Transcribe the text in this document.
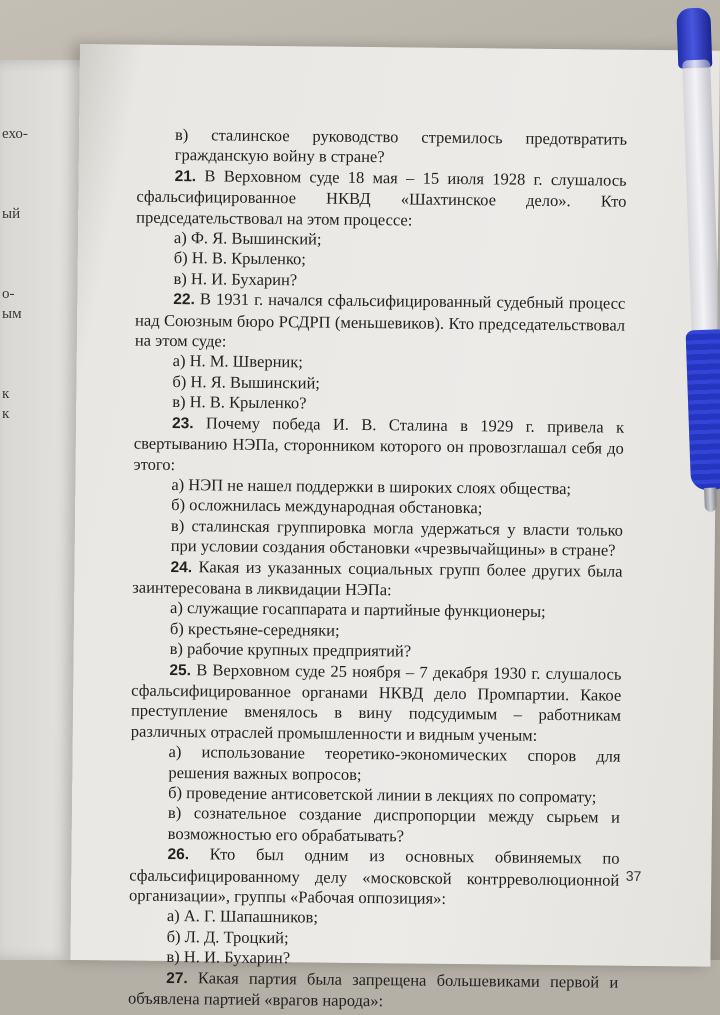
ехо-
ый
о-
ым
к
к

в) сталинское руководство стремилось предотвратить гражданскую войну в стране?

21. В Верховном суде 18 мая – 15 июля 1928 г. слушалось сфальсифицированное НКВД «Шахтинское дело». Кто председательствовал на этом процессе:

а) Ф. Я. Вышинский;

б) Н. В. Крыленко;

в) Н. И. Бухарин?

22. В 1931 г. начался сфальсифицированный судебный процесс над Союзным бюро РСДРП (меньшевиков). Кто председательствовал на этом суде:

а) Н. М. Шверник;

б) Н. Я. Вышинский;

в) Н. В. Крыленко?

23. Почему победа И. В. Сталина в 1929 г. привела к свертыванию НЭПа, сторонником которого он провозглашал себя до этого:

а) НЭП не нашел поддержки в широких слоях общества;

б) осложнилась международная обстановка;

в) сталинская группировка могла удержаться у власти только при условии создания обстановки «чрезвычайщины» в стране?

24. Какая из указанных социальных групп более других была заинтересована в ликвидации НЭПа:

а) служащие госаппарата и партийные функционеры;

б) крестьяне-середняки;

в) рабочие крупных предприятий?

25. В Верховном суде 25 ноября – 7 декабря 1930 г. слушалось сфальсифицированное органами НКВД дело Промпартии. Какое преступление вменялось в вину подсудимым – работникам различных отраслей промышленности и видным ученым:

а) использование теоретико-экономических споров для решения важных вопросов;

б) проведение антисоветской линии в лекциях по сопромату;

в) сознательное создание диспропорции между сырьем и возможностью его обрабатывать?

26. Кто был одним из основных обвиняемых по сфальсифицированному делу «московской контрреволюционной организации», группы «Рабочая оппозиция»:

а) А. Г. Шапашников;

б) Л. Д. Троцкий;

в) Н. И. Бухарин?

27. Какая партия была запрещена большевиками первой и объявлена партией «врагов народа»:

37
